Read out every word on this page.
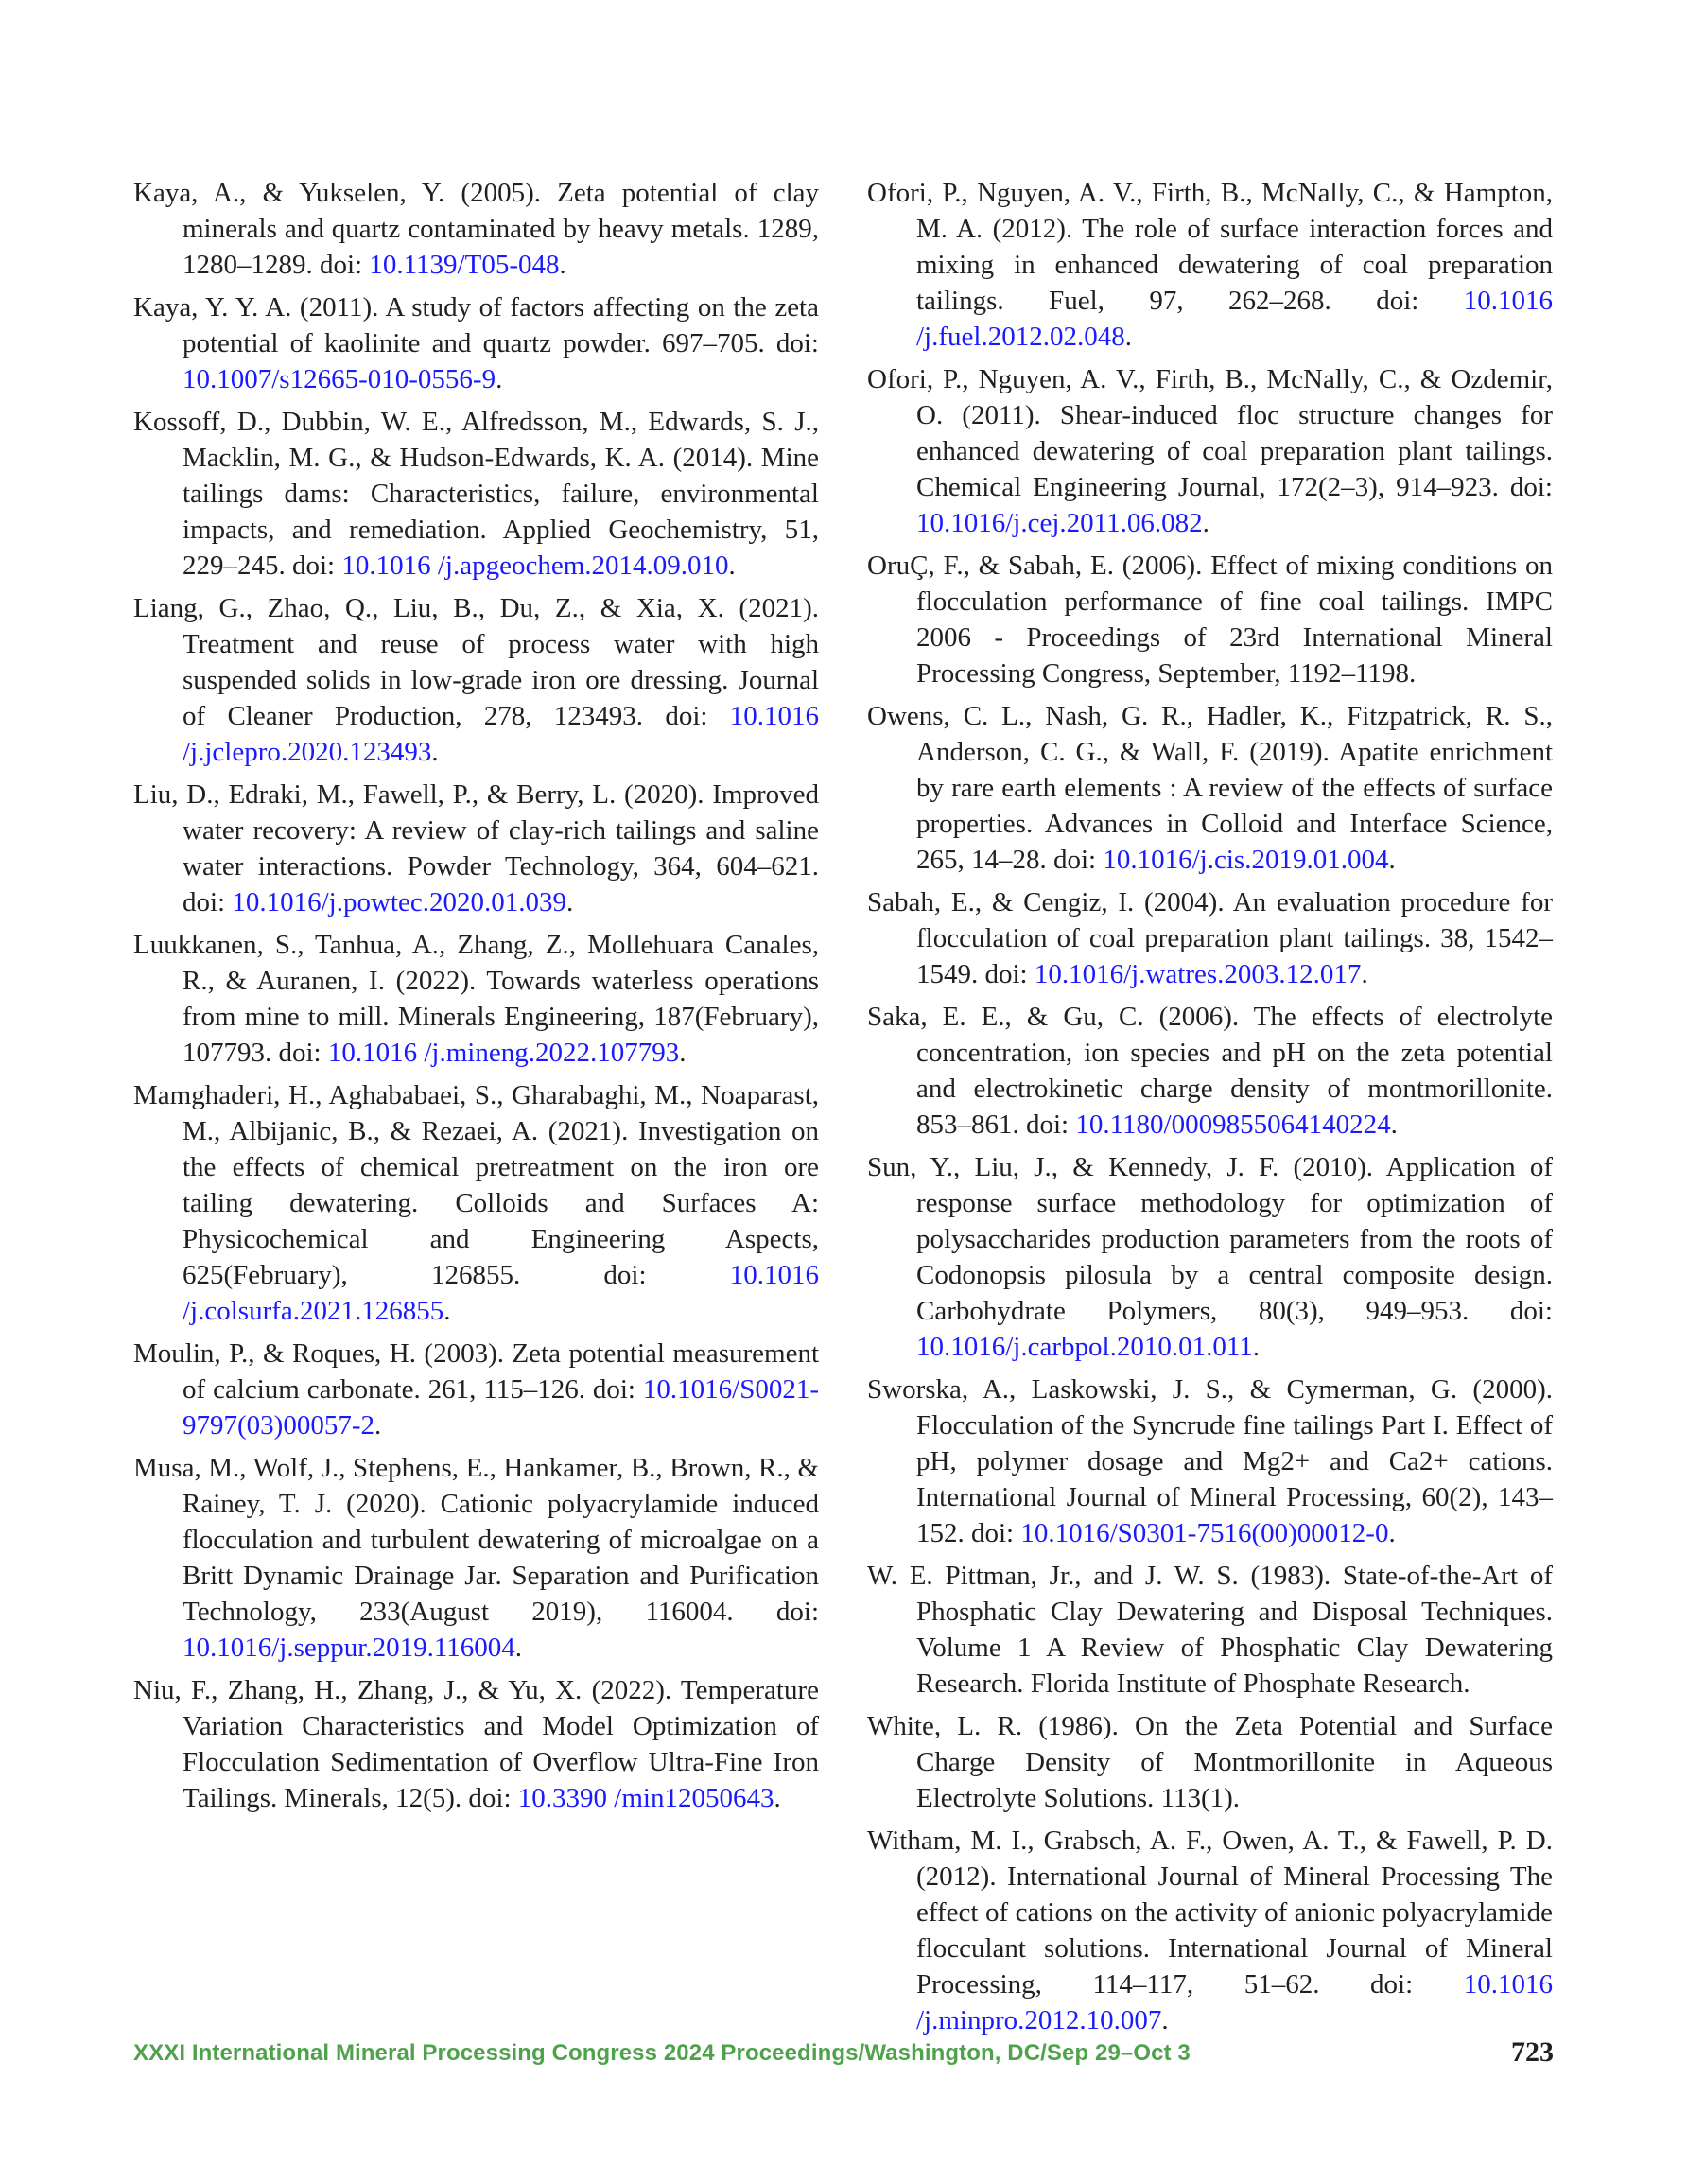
Kaya, A., & Yukselen, Y. (2005). Zeta potential of clay minerals and quartz contaminated by heavy metals. 1289, 1280–1289. doi: 10.1139/T05-048.

Kaya, Y. Y. A. (2011). A study of factors affecting on the zeta potential of kaolinite and quartz powder. 697–705. doi: 10.1007/s12665-010-0556-9.

Kossoff, D., Dubbin, W. E., Alfredsson, M., Edwards, S. J., Macklin, M. G., & Hudson-Edwards, K. A. (2014). Mine tailings dams: Characteristics, failure, environmental impacts, and remediation. Applied Geochemistry, 51, 229–245. doi: 10.1016 /j.apgeochem.2014.09.010.

Liang, G., Zhao, Q., Liu, B., Du, Z., & Xia, X. (2021). Treatment and reuse of process water with high suspended solids in low-grade iron ore dressing. Journal of Cleaner Production, 278, 123493. doi: 10.1016 /j.jclepro.2020.123493.

Liu, D., Edraki, M., Fawell, P., & Berry, L. (2020). Improved water recovery: A review of clay-rich tailings and saline water interactions. Powder Technology, 364, 604–621. doi: 10.1016/j.powtec.2020.01.039.

Luukkanen, S., Tanhua, A., Zhang, Z., Mollehuara Canales, R., & Auranen, I. (2022). Towards waterless operations from mine to mill. Minerals Engineering, 187(February), 107793. doi: 10.1016 /j.mineng.2022.107793.

Mamghaderi, H., Aghababaei, S., Gharabaghi, M., Noaparast, M., Albijanic, B., & Rezaei, A. (2021). Investigation on the effects of chemical pretreatment on the iron ore tailing dewatering. Colloids and Surfaces A: Physicochemical and Engineering Aspects, 625(February), 126855. doi: 10.1016 /j.colsurfa.2021.126855.

Moulin, P., & Roques, H. (2003). Zeta potential measurement of calcium carbonate. 261, 115–126. doi: 10.1016/S0021-9797(03)00057-2.

Musa, M., Wolf, J., Stephens, E., Hankamer, B., Brown, R., & Rainey, T. J. (2020). Cationic polyacrylamide induced flocculation and turbulent dewatering of microalgae on a Britt Dynamic Drainage Jar. Separation and Purification Technology, 233(August 2019), 116004. doi: 10.1016/j.seppur.2019.116004.

Niu, F., Zhang, H., Zhang, J., & Yu, X. (2022). Temperature Variation Characteristics and Model Optimization of Flocculation Sedimentation of Overflow Ultra-Fine Iron Tailings. Minerals, 12(5). doi: 10.3390 /min12050643.

Ofori, P., Nguyen, A. V., Firth, B., McNally, C., & Hampton, M. A. (2012). The role of surface interaction forces and mixing in enhanced dewatering of coal preparation tailings. Fuel, 97, 262–268. doi: 10.1016 /j.fuel.2012.02.048.

Ofori, P., Nguyen, A. V., Firth, B., McNally, C., & Ozdemir, O. (2011). Shear-induced floc structure changes for enhanced dewatering of coal preparation plant tailings. Chemical Engineering Journal, 172(2–3), 914–923. doi: 10.1016/j.cej.2011.06.082.

OruÇ, F., & Sabah, E. (2006). Effect of mixing conditions on flocculation performance of fine coal tailings. IMPC 2006 - Proceedings of 23rd International Mineral Processing Congress, September, 1192–1198.

Owens, C. L., Nash, G. R., Hadler, K., Fitzpatrick, R. S., Anderson, C. G., & Wall, F. (2019). Apatite enrichment by rare earth elements : A review of the effects of surface properties. Advances in Colloid and Interface Science, 265, 14–28. doi: 10.1016/j.cis.2019.01.004.

Sabah, E., & Cengiz, I. (2004). An evaluation procedure for flocculation of coal preparation plant tailings. 38, 1542–1549. doi: 10.1016/j.watres.2003.12.017.

Saka, E. E., & Gu, C. (2006). The effects of electrolyte concentration, ion species and pH on the zeta potential and electrokinetic charge density of montmorillonite. 853–861. doi: 10.1180/0009855064140224.

Sun, Y., Liu, J., & Kennedy, J. F. (2010). Application of response surface methodology for optimization of polysaccharides production parameters from the roots of Codonopsis pilosula by a central composite design. Carbohydrate Polymers, 80(3), 949–953. doi: 10.1016/j.carbpol.2010.01.011.

Sworska, A., Laskowski, J. S., & Cymerman, G. (2000). Flocculation of the Syncrude fine tailings Part I. Effect of pH, polymer dosage and Mg2+ and Ca2+ cations. International Journal of Mineral Processing, 60(2), 143–152. doi: 10.1016/S0301-7516(00)00012-0.

W. E. Pittman, Jr., and J. W. S. (1983). State-of-the-Art of Phosphatic Clay Dewatering and Disposal Techniques. Volume 1 A Review of Phosphatic Clay Dewatering Research. Florida Institute of Phosphate Research.

White, L. R. (1986). On the Zeta Potential and Surface Charge Density of Montmorillonite in Aqueous Electrolyte Solutions. 113(1).

Witham, M. I., Grabsch, A. F., Owen, A. T., & Fawell, P. D. (2012). International Journal of Mineral Processing The effect of cations on the activity of anionic polyacrylamide flocculant solutions. International Journal of Mineral Processing, 114–117, 51–62. doi: 10.1016 /j.minpro.2012.10.007.

XXXI International Mineral Processing Congress 2024 Proceedings/Washington, DC/Sep 29–Oct 3	723
